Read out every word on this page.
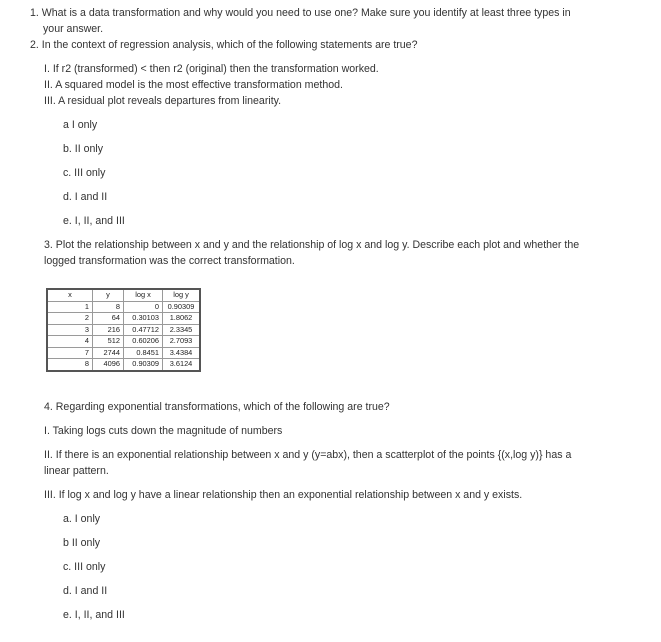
1. What is a data transformation and why would you need to use one? Make sure you identify at least three types in
your answer.
2. In the context of regression analysis, which of the following statements are true?
I. If r2 (transformed) < then r2 (original) then the transformation worked.
II. A squared model is the most effective transformation method.
III. A residual plot reveals departures from linearity.
a I only
b. II only
c. III only
d. I and II
e. I, II, and III
3. Plot the relationship between x and y and the relationship of log x and log y. Describe each plot and whether the
logged transformation was the correct transformation.
x	y	log x	log y
1	8	0	0.90309
2	64	0.30103	1.8062
3	216	0.47712	2.3345
4	512	0.60206	2.7093
7	2744	0.8451	3.4384
8	4096	0.90309	3.6124
4. Regarding exponential transformations, which of the following are true?
I. Taking logs cuts down the magnitude of numbers
II. If there is an exponential relationship between x and y (y=abx), then a scatterplot of the points {(x,log y)} has a
linear pattern.
III. If log x and log y have a linear relationship then an exponential relationship between x and y exists.
a. I only
b II only
c. III only
d. I and II
e. I, II, and III
